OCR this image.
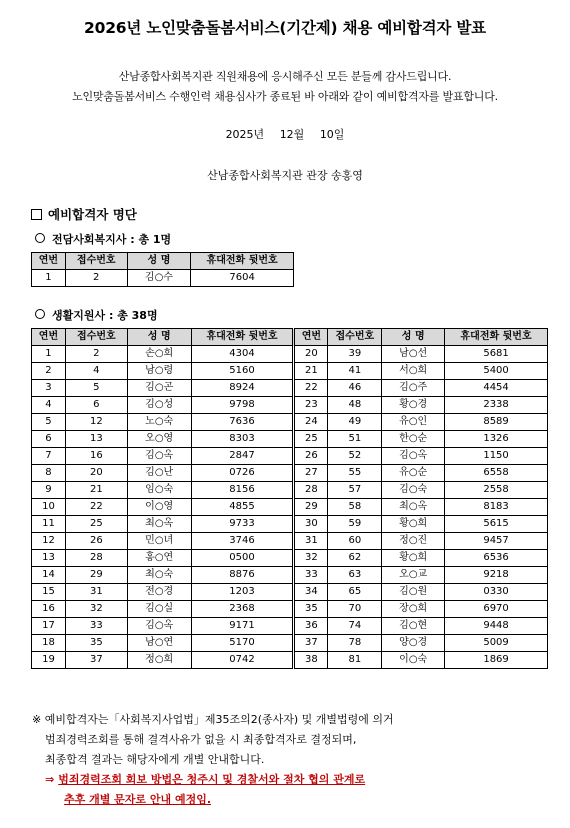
2026년 노인맞춤돌봄서비스(기간제) 채용 예비합격자 발표
산남종합사회복지관 직원채용에 응시해주신 모든 분들께 감사드립니다.
노인맞춤돌봄서비스 수행인력 채용심사가 종료된 바 아래와 같이 예비합격자를 발표합니다.
2025년 12월 10일
산남종합사회복지관 관장 송홍영
예비합격자 명단
전담사회복지사 : 총 1명
연번	접수번호	성 명	휴대전화 뒷번호
1	2	김○수	7604
생활지원사 : 총 38명
연번	접수번호	성 명	휴대전화 뒷번호	연번	접수번호	성 명	휴대전화 뒷번호
1	2	손○희	4304	20	39	남○선	5681
2	4	남○령	5160	21	41	서○희	5400
3	5	김○곤	8924	22	46	김○주	4454
4	6	김○성	9798	23	48	황○경	2338
5	12	노○숙	7636	24	49	유○인	8589
6	13	오○영	8303	25	51	한○순	1326
7	16	김○옥	2847	26	52	김○옥	1150
8	20	김○난	0726	27	55	유○순	6558
9	21	임○숙	8156	28	57	김○숙	2558
10	22	이○영	4855	29	58	최○옥	8183
11	25	최○옥	9733	30	59	황○희	5615
12	26	민○녀	3746	31	60	정○진	9457
13	28	홍○연	0500	32	62	황○희	6536
14	29	최○숙	8876	33	63	오○교	9218
15	31	전○경	1203	34	65	김○원	0330
16	32	김○실	2368	35	70	장○희	6970
17	33	김○옥	9171	36	74	김○현	9448
18	35	남○연	5170	37	78	양○경	5009
19	37	정○희	0742	38	81	이○숙	1869
※ 예비합격자는「사회복지사업법」제35조의2(종사자) 및 개별법령에 의거
범죄경력조회를 통해 결격사유가 없을 시 최종합격자로 결정되며,
최종합격 결과는 해당자에게 개별 안내합니다.
⇒ 범죄경력조회 회보 방법은 청주시 및 경찰서와 절차 협의 관계로
추후 개별 문자로 안내 예정임.
